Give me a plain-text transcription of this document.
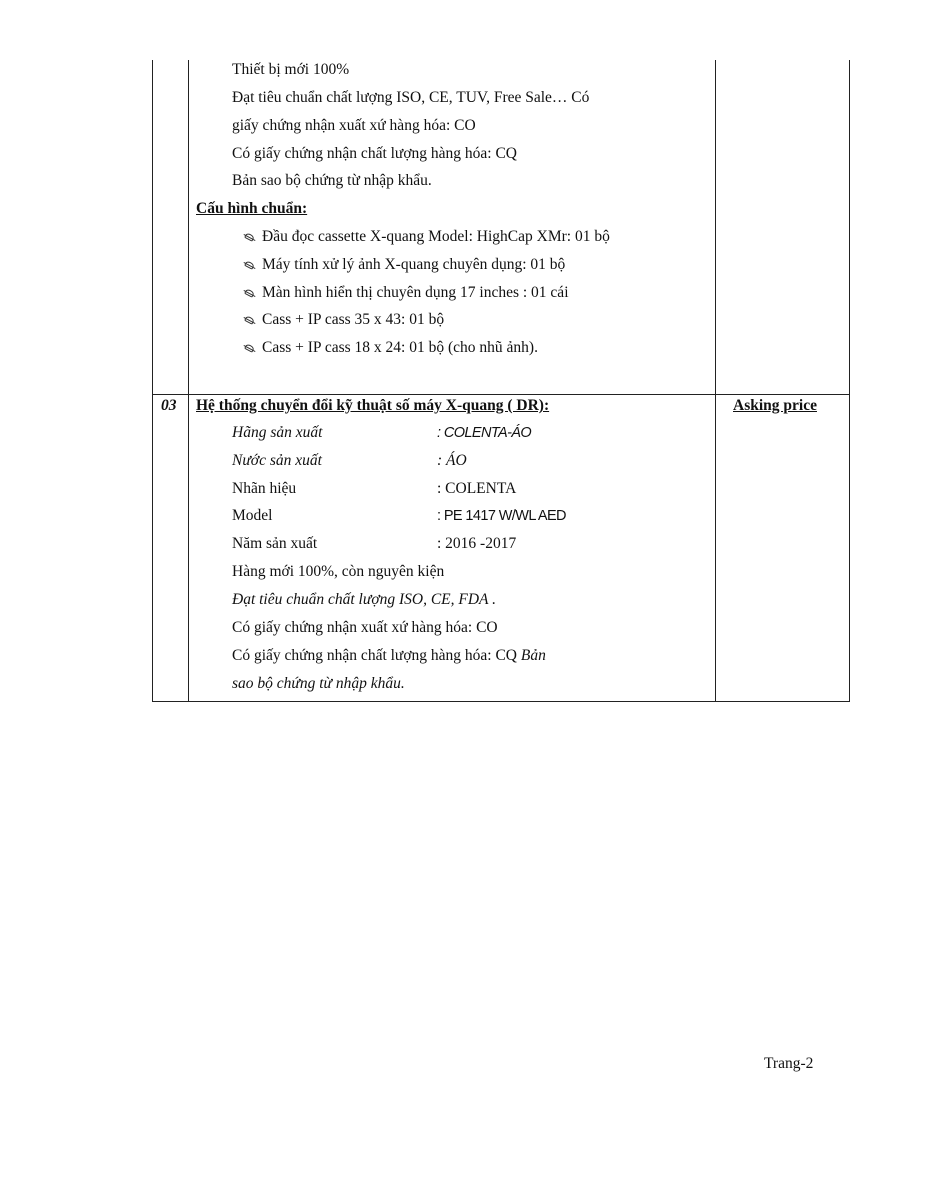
Thiết bị mới 100%
Đạt tiêu chuẩn chất lượng ISO, CE, TUV, Free Sale… Có
giấy chứng nhận xuất xứ hàng hóa: CO
Có giấy chứng nhận chất lượng hàng hóa: CQ
Bản sao bộ chứng từ nhập khẩu.
Cấu hình chuẩn:
Đầu đọc cassette X-quang Model: HighCap XMr: 01 bộ
Máy tính xử lý ảnh X-quang chuyên dụng: 01 bộ
Màn hình hiển thị chuyên dụng 17 inches : 01 cái
Cass + IP cass 35 x 43: 01 bộ
Cass + IP cass 18 x 24: 01 bộ (cho nhũ ảnh).
03 Hệ thống chuyển đổi kỹ thuật số máy X-quang ( DR):	Asking price
Hãng sản xuất	: COLENTA-ÁO
Nước sản xuất	: ÁO
Nhãn hiệu	: COLENTA
Model	: PE 1417 W/WL AED
Năm sản xuất	: 2016 -2017
Hàng mới 100%, còn nguyên kiện
Đạt tiêu chuẩn chất lượng ISO, CE, FDA .
Có giấy chứng nhận xuất xứ hàng hóa: CO
Có giấy chứng nhận chất lượng hàng hóa: CQ Bản
sao bộ chứng từ nhập khẩu.
Trang-2
